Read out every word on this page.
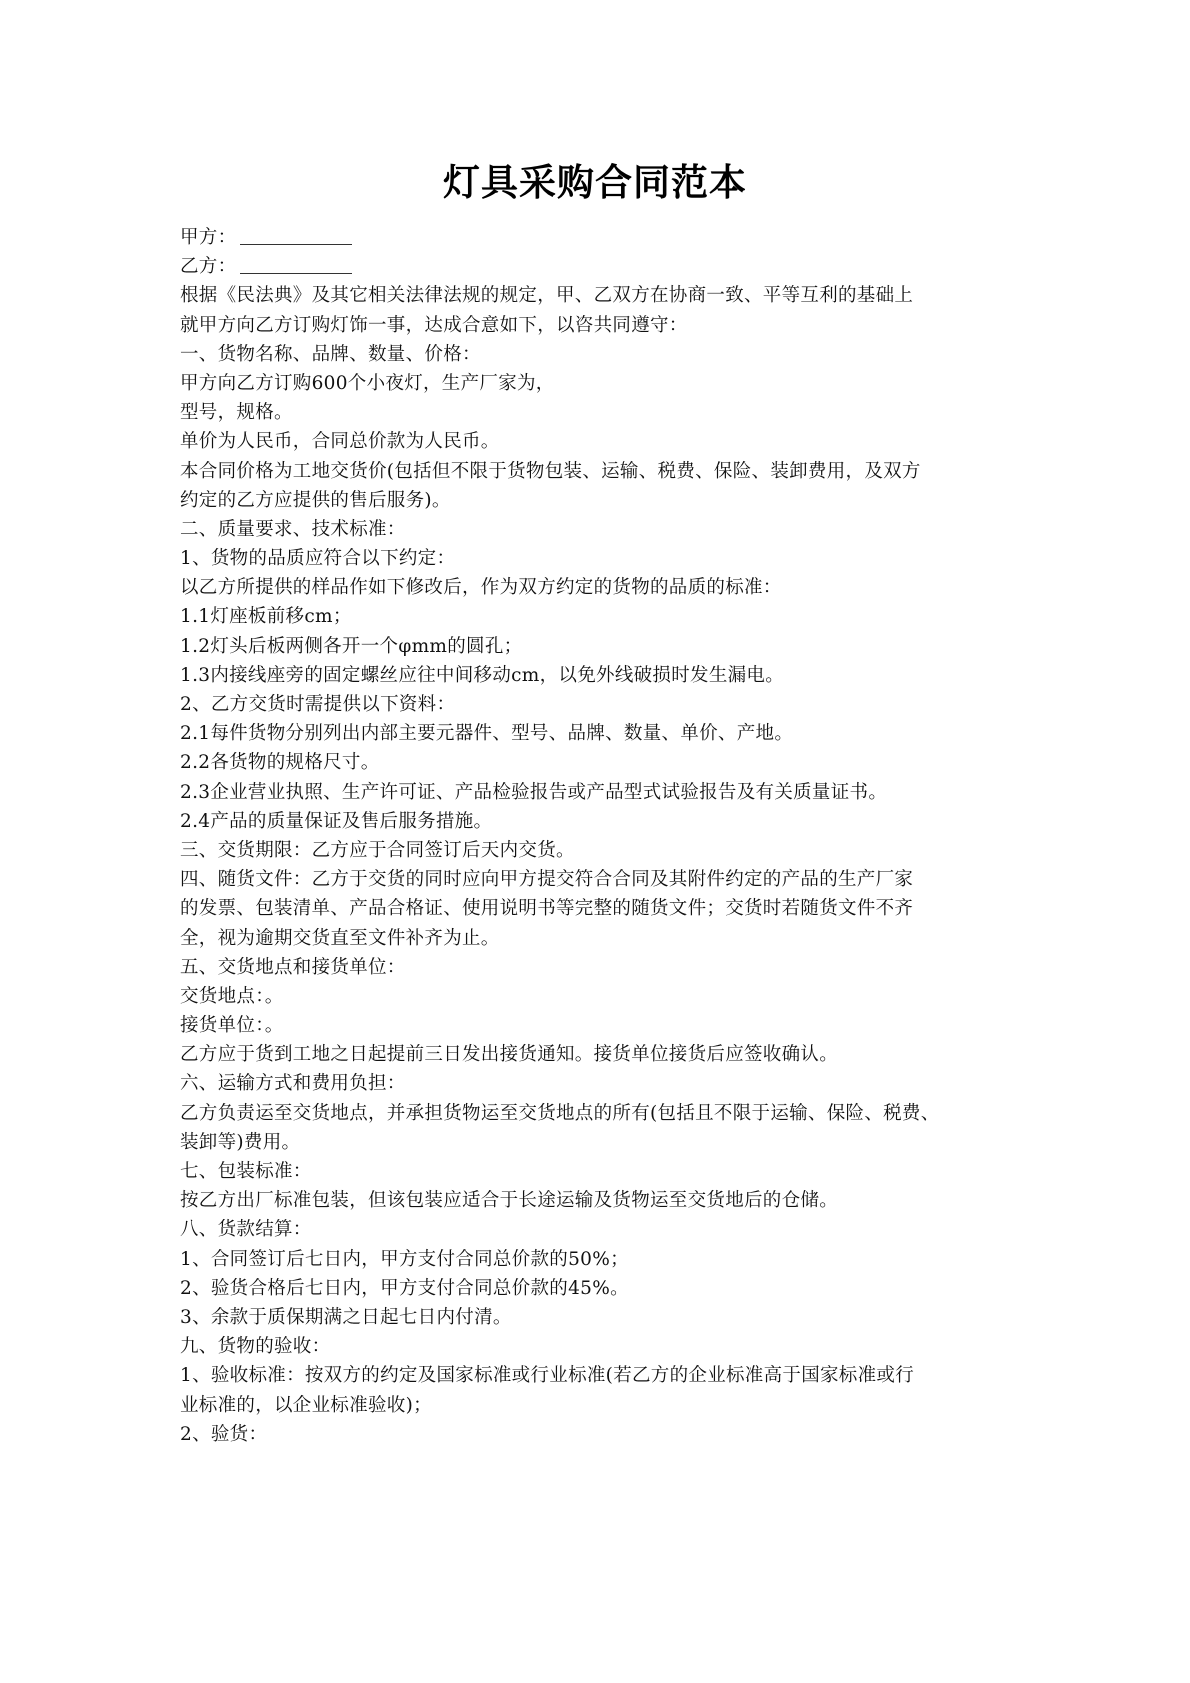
灯具采购合同范本
甲方：
乙方：
根据《民法典》及其它相关法律法规的规定，甲、乙双方在协商一致、平等互利的基础上
就甲方向乙方订购灯饰一事，达成合意如下，以咨共同遵守：
一、货物名称、品牌、数量、价格：
甲方向乙方订购600个小夜灯，生产厂家为，
型号，规格。
单价为人民币，合同总价款为人民币。
本合同价格为工地交货价(包括但不限于货物包装、运输、税费、保险、装卸费用，及双方
约定的乙方应提供的售后服务)。
二、质量要求、技术标准：
1、货物的品质应符合以下约定：
以乙方所提供的样品作如下修改后，作为双方约定的货物的品质的标准：
1.1灯座板前移cm；
1.2灯头后板两侧各开一个φmm的圆孔；
1.3内接线座旁的固定螺丝应往中间移动cm，以免外线破损时发生漏电。
2、乙方交货时需提供以下资料：
2.1每件货物分别列出内部主要元器件、型号、品牌、数量、单价、产地。
2.2各货物的规格尺寸。
2.3企业营业执照、生产许可证、产品检验报告或产品型式试验报告及有关质量证书。
2.4产品的质量保证及售后服务措施。
三、交货期限：乙方应于合同签订后天内交货。
四、随货文件：乙方于交货的同时应向甲方提交符合合同及其附件约定的产品的生产厂家
的发票、包装清单、产品合格证、使用说明书等完整的随货文件；交货时若随货文件不齐
全，视为逾期交货直至文件补齐为止。
五、交货地点和接货单位：
交货地点：。
接货单位：。
乙方应于货到工地之日起提前三日发出接货通知。接货单位接货后应签收确认。
六、运输方式和费用负担：
乙方负责运至交货地点，并承担货物运至交货地点的所有(包括且不限于运输、保险、税费、
装卸等)费用。
七、包装标准：
按乙方出厂标准包装，但该包装应适合于长途运输及货物运至交货地后的仓储。
八、货款结算：
1、合同签订后七日内，甲方支付合同总价款的50%；
2、验货合格后七日内，甲方支付合同总价款的45%。
3、余款于质保期满之日起七日内付清。
九、货物的验收：
1、验收标准：按双方的约定及国家标准或行业标准(若乙方的企业标准高于国家标准或行
业标准的，以企业标准验收)；
2、验货：
